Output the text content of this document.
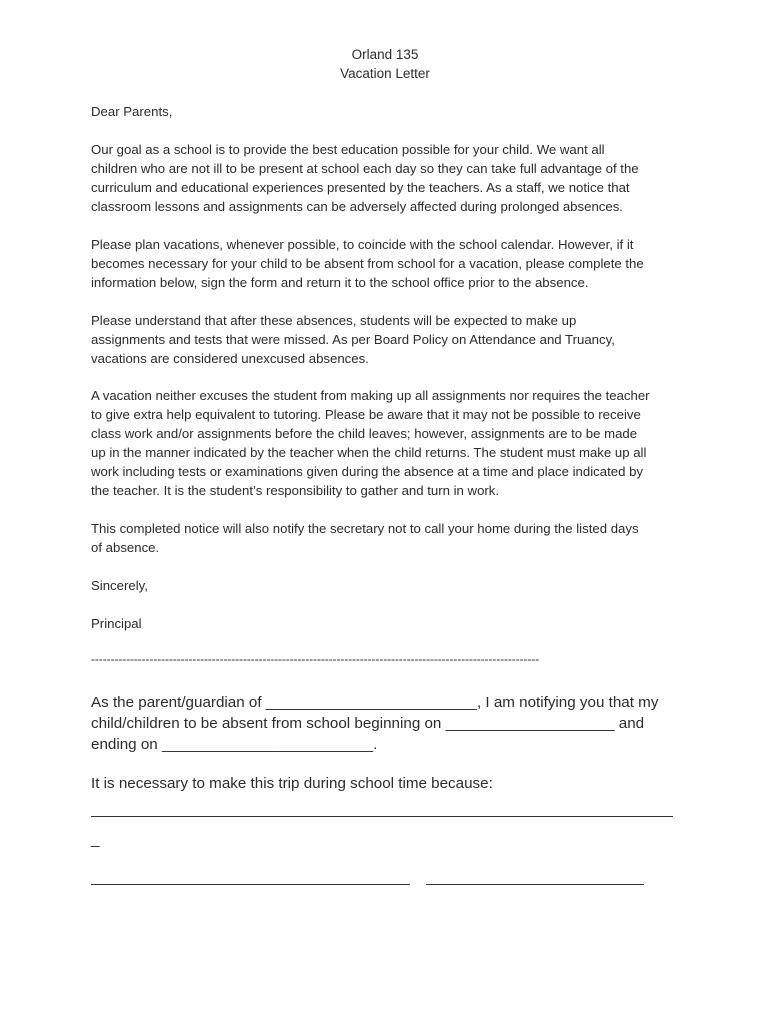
Orland 135
Vacation Letter
Dear Parents,
Our goal as a school is to provide the best education possible for your child. We want all
children who are not ill to be present at school each day so they can take full advantage of the
curriculum and educational experiences presented by the teachers. As a staff, we notice that
classroom lessons and assignments can be adversely affected during prolonged absences.
Please plan vacations, whenever possible, to coincide with the school calendar. However, if it
becomes necessary for your child to be absent from school for a vacation, please complete the
information below, sign the form and return it to the school office prior to the absence.
Please understand that after these absences, students will be expected to make up
assignments and tests that were missed. As per Board Policy on Attendance and Truancy,
vacations are considered unexcused absences.
A vacation neither excuses the student from making up all assignments nor requires the teacher
to give extra help equivalent to tutoring. Please be aware that it may not be possible to receive
class work and/or assignments before the child leaves; however, assignments are to be made
up in the manner indicated by the teacher when the child returns. The student must make up all
work including tests or examinations given during the absence at a time and place indicated by
the teacher. It is the student’s responsibility to gather and turn in work.
This completed notice will also notify the secretary not to call your home during the listed days
of absence.
Sincerely,
Principal
-------------------------------------------------------------------------------------------------------------------
As the parent/guardian of _________________________, I am notifying you that my
child/children to be absent from school beginning on ____________________ and
ending on _________________________.
It is necessary to make this trip during school time because:
_
